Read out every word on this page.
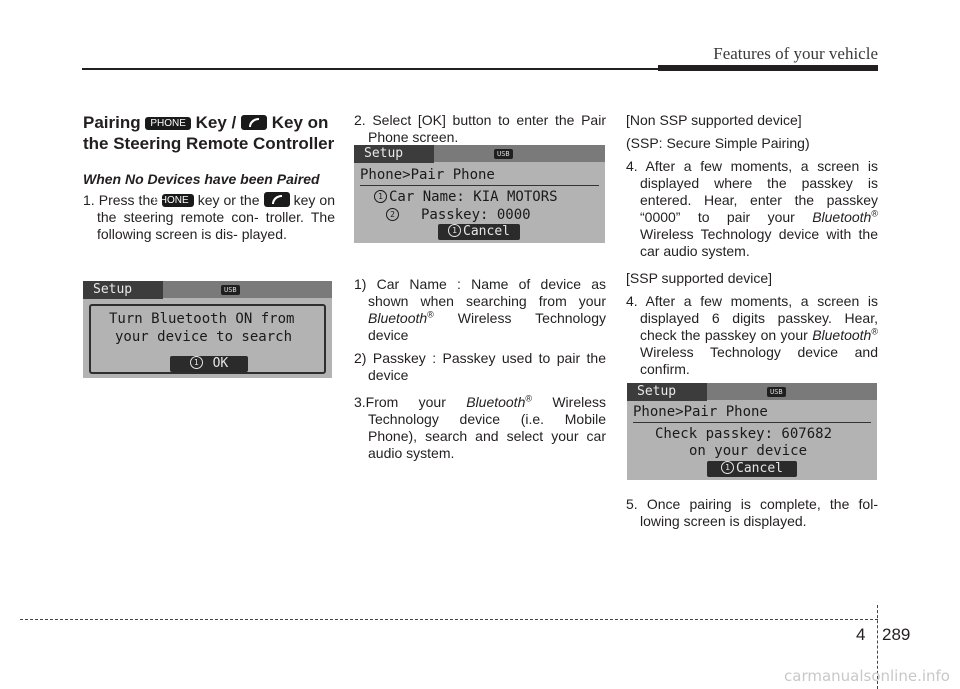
Features of your vehicle
Pairing PHONE Key /
Key on the Steering Remote Controller

When No Devices have been Paired

1. Press the PHONE key or the
key on the steering remote con- troller. The following screen is dis- played.

Setup	USB
Turn Bluetooth ON from
your device to search
1 OK

2. Select [OK] button to enter the Pair Phone screen.

1) Car Name : Name of device as shown when searching from your Bluetooth® Wireless Technology device

2) Passkey : Passkey used to pair the device

3.From your Bluetooth® Wireless Technology device (i.e. Mobile Phone), search and select your car audio system.

Setup	USB
Phone>Pair Phone
1 Car Name: KIA MOTORS
2 Passkey: 0000
1 Cancel

[Non SSP supported device]

(SSP: Secure Simple Pairing)

4. After a few moments, a screen is displayed where the passkey is entered. Hear, enter the passkey “0000” to pair your Bluetooth® Wireless Technology device with the car audio system.

[SSP supported device]

4. After a few moments, a screen is displayed 6 digits passkey. Hear, check the passkey on your Bluetooth® Wireless Technology device and confirm.

5. Once pairing is complete, the fol- lowing screen is displayed.

Setup	USB
Phone>Pair Phone
Check passkey: 607682
on your device
1 Cancel
4 289
carmanualsonline.info
